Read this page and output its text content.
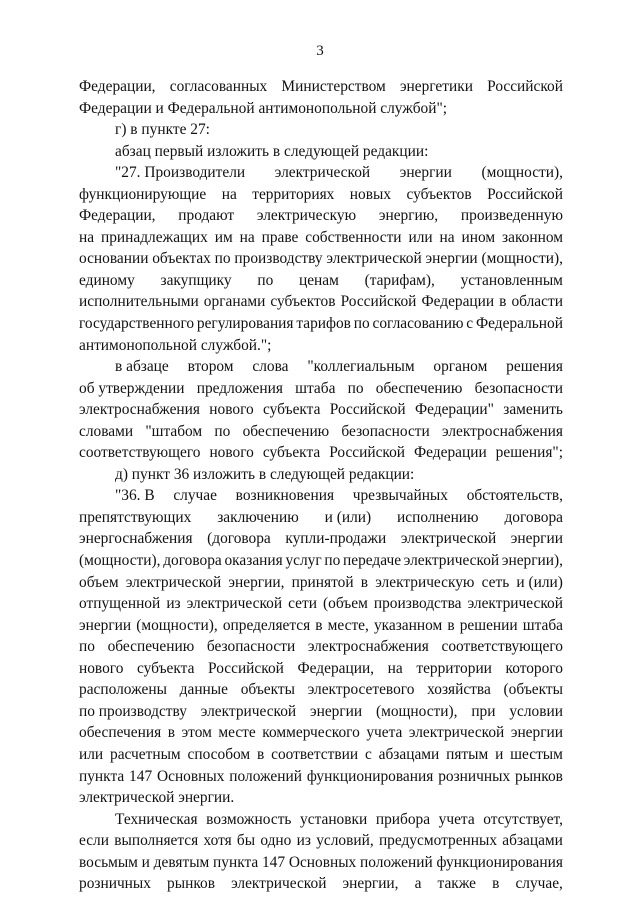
3
Федерации, согласованных Министерством энергетики Российской
Федерации и Федеральной антимонопольной службой";
г) в пункте 27:
абзац первый изложить в следующей редакции:
"27. Производители электрической энергии (мощности),
функционирующие на территориях новых субъектов Российской
Федерации, продают электрическую энергию, произведенную
на принадлежащих им на праве собственности или на ином законном
основании объектах по производству электрической энергии (мощности),
единому закупщику по ценам (тарифам), установленным
исполнительными органами субъектов Российской Федерации в области
государственного регулирования тарифов по согласованию с Федеральной
антимонопольной службой.";
в абзаце втором слова "коллегиальным органом решения
об утверждении предложения штаба по обеспечению безопасности
электроснабжения нового субъекта Российской Федерации" заменить
словами "штабом по обеспечению безопасности электроснабжения
соответствующего нового субъекта Российской Федерации решения";
д) пункт 36 изложить в следующей редакции:
"36. В случае возникновения чрезвычайных обстоятельств,
препятствующих заключению и (или) исполнению договора
энергоснабжения (договора купли-продажи электрической энергии
(мощности), договора оказания услуг по передаче электрической энергии),
объем электрической энергии, принятой в электрическую сеть и (или)
отпущенной из электрической сети (объем производства электрической
энергии (мощности), определяется в месте, указанном в решении штаба
по обеспечению безопасности электроснабжения соответствующего
нового субъекта Российской Федерации, на территории которого
расположены данные объекты электросетевого хозяйства (объекты
по производству электрической энергии (мощности), при условии
обеспечения в этом месте коммерческого учета электрической энергии
или расчетным способом в соответствии с абзацами пятым и шестым
пункта 147 Основных положений функционирования розничных рынков
электрической энергии.
Техническая возможность установки прибора учета отсутствует,
если выполняется хотя бы одно из условий, предусмотренных абзацами
восьмым и девятым пункта 147 Основных положений функционирования
розничных рынков электрической энергии, а также в случае,
